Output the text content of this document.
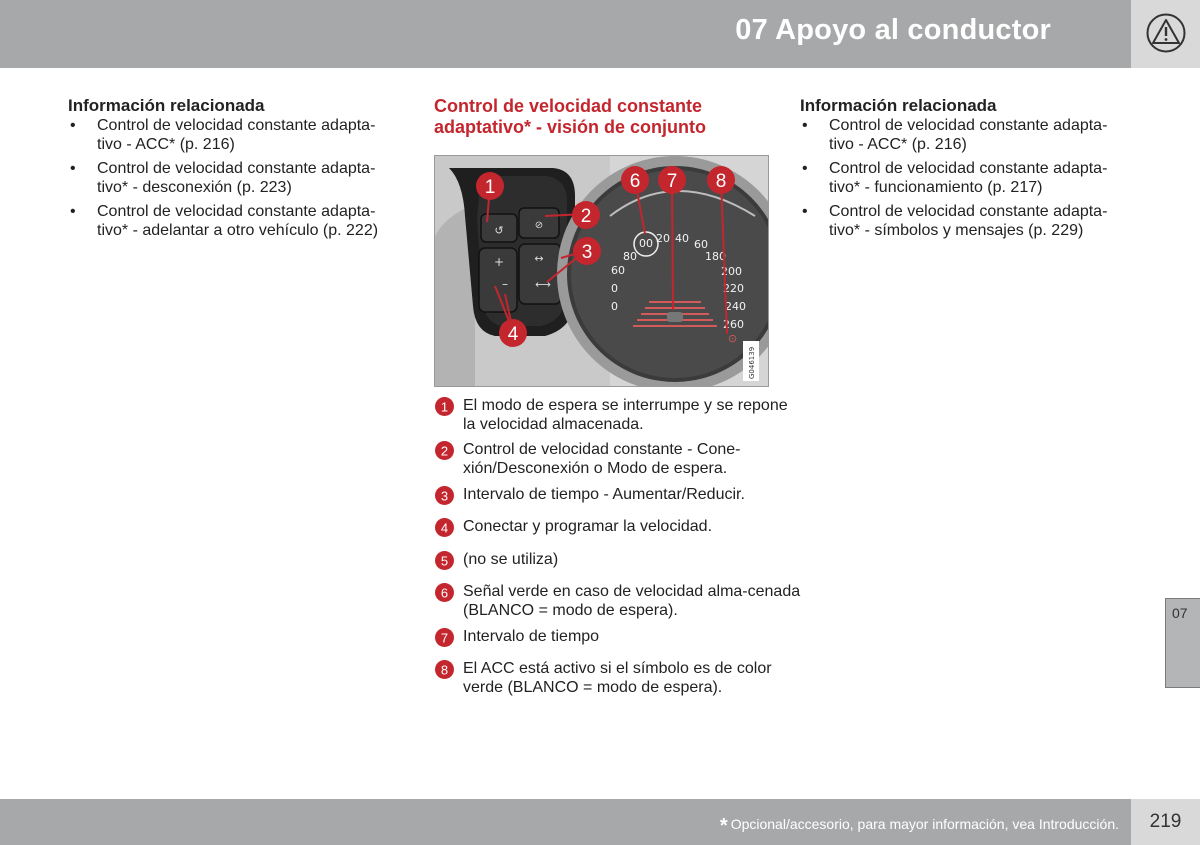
07 Apoyo al conductor
Información relacionada
• Control de velocidad constante adapta-tivo - ACC* (p. 216)
• Control de velocidad constante adapta-tivo* - desconexión (p. 223)
• Control de velocidad constante adapta-tivo* - adelantar a otro vehículo (p. 222)
Control de velocidad constante adaptativo* - visión de conjunto
↺	⊘
+
–
↔
⟷
00 20 40 60
80	180
200
220
240
260
60
0
0
⊙
1
2
3
4
6 7 8
G046139
1 El modo de espera se interrumpe y se repone la velocidad almacenada.
2 Control de velocidad constante - Cone-xión/Desconexión o Modo de espera.
3 Intervalo de tiempo - Aumentar/Reducir.
4 Conectar y programar la velocidad.
5 (no se utiliza)
6 Señal verde en caso de velocidad alma-cenada (BLANCO = modo de espera).
7 Intervalo de tiempo
8 El ACC está activo si el símbolo es de color verde (BLANCO = modo de espera).
Información relacionada
• Control de velocidad constante adapta-tivo - ACC* (p. 216)
• Control de velocidad constante adapta-tivo* - funcionamiento (p. 217)
• Control de velocidad constante adapta-tivo* - símbolos y mensajes (p. 229)
07
* Opcional/accesorio, para mayor información, vea Introducción.	219
